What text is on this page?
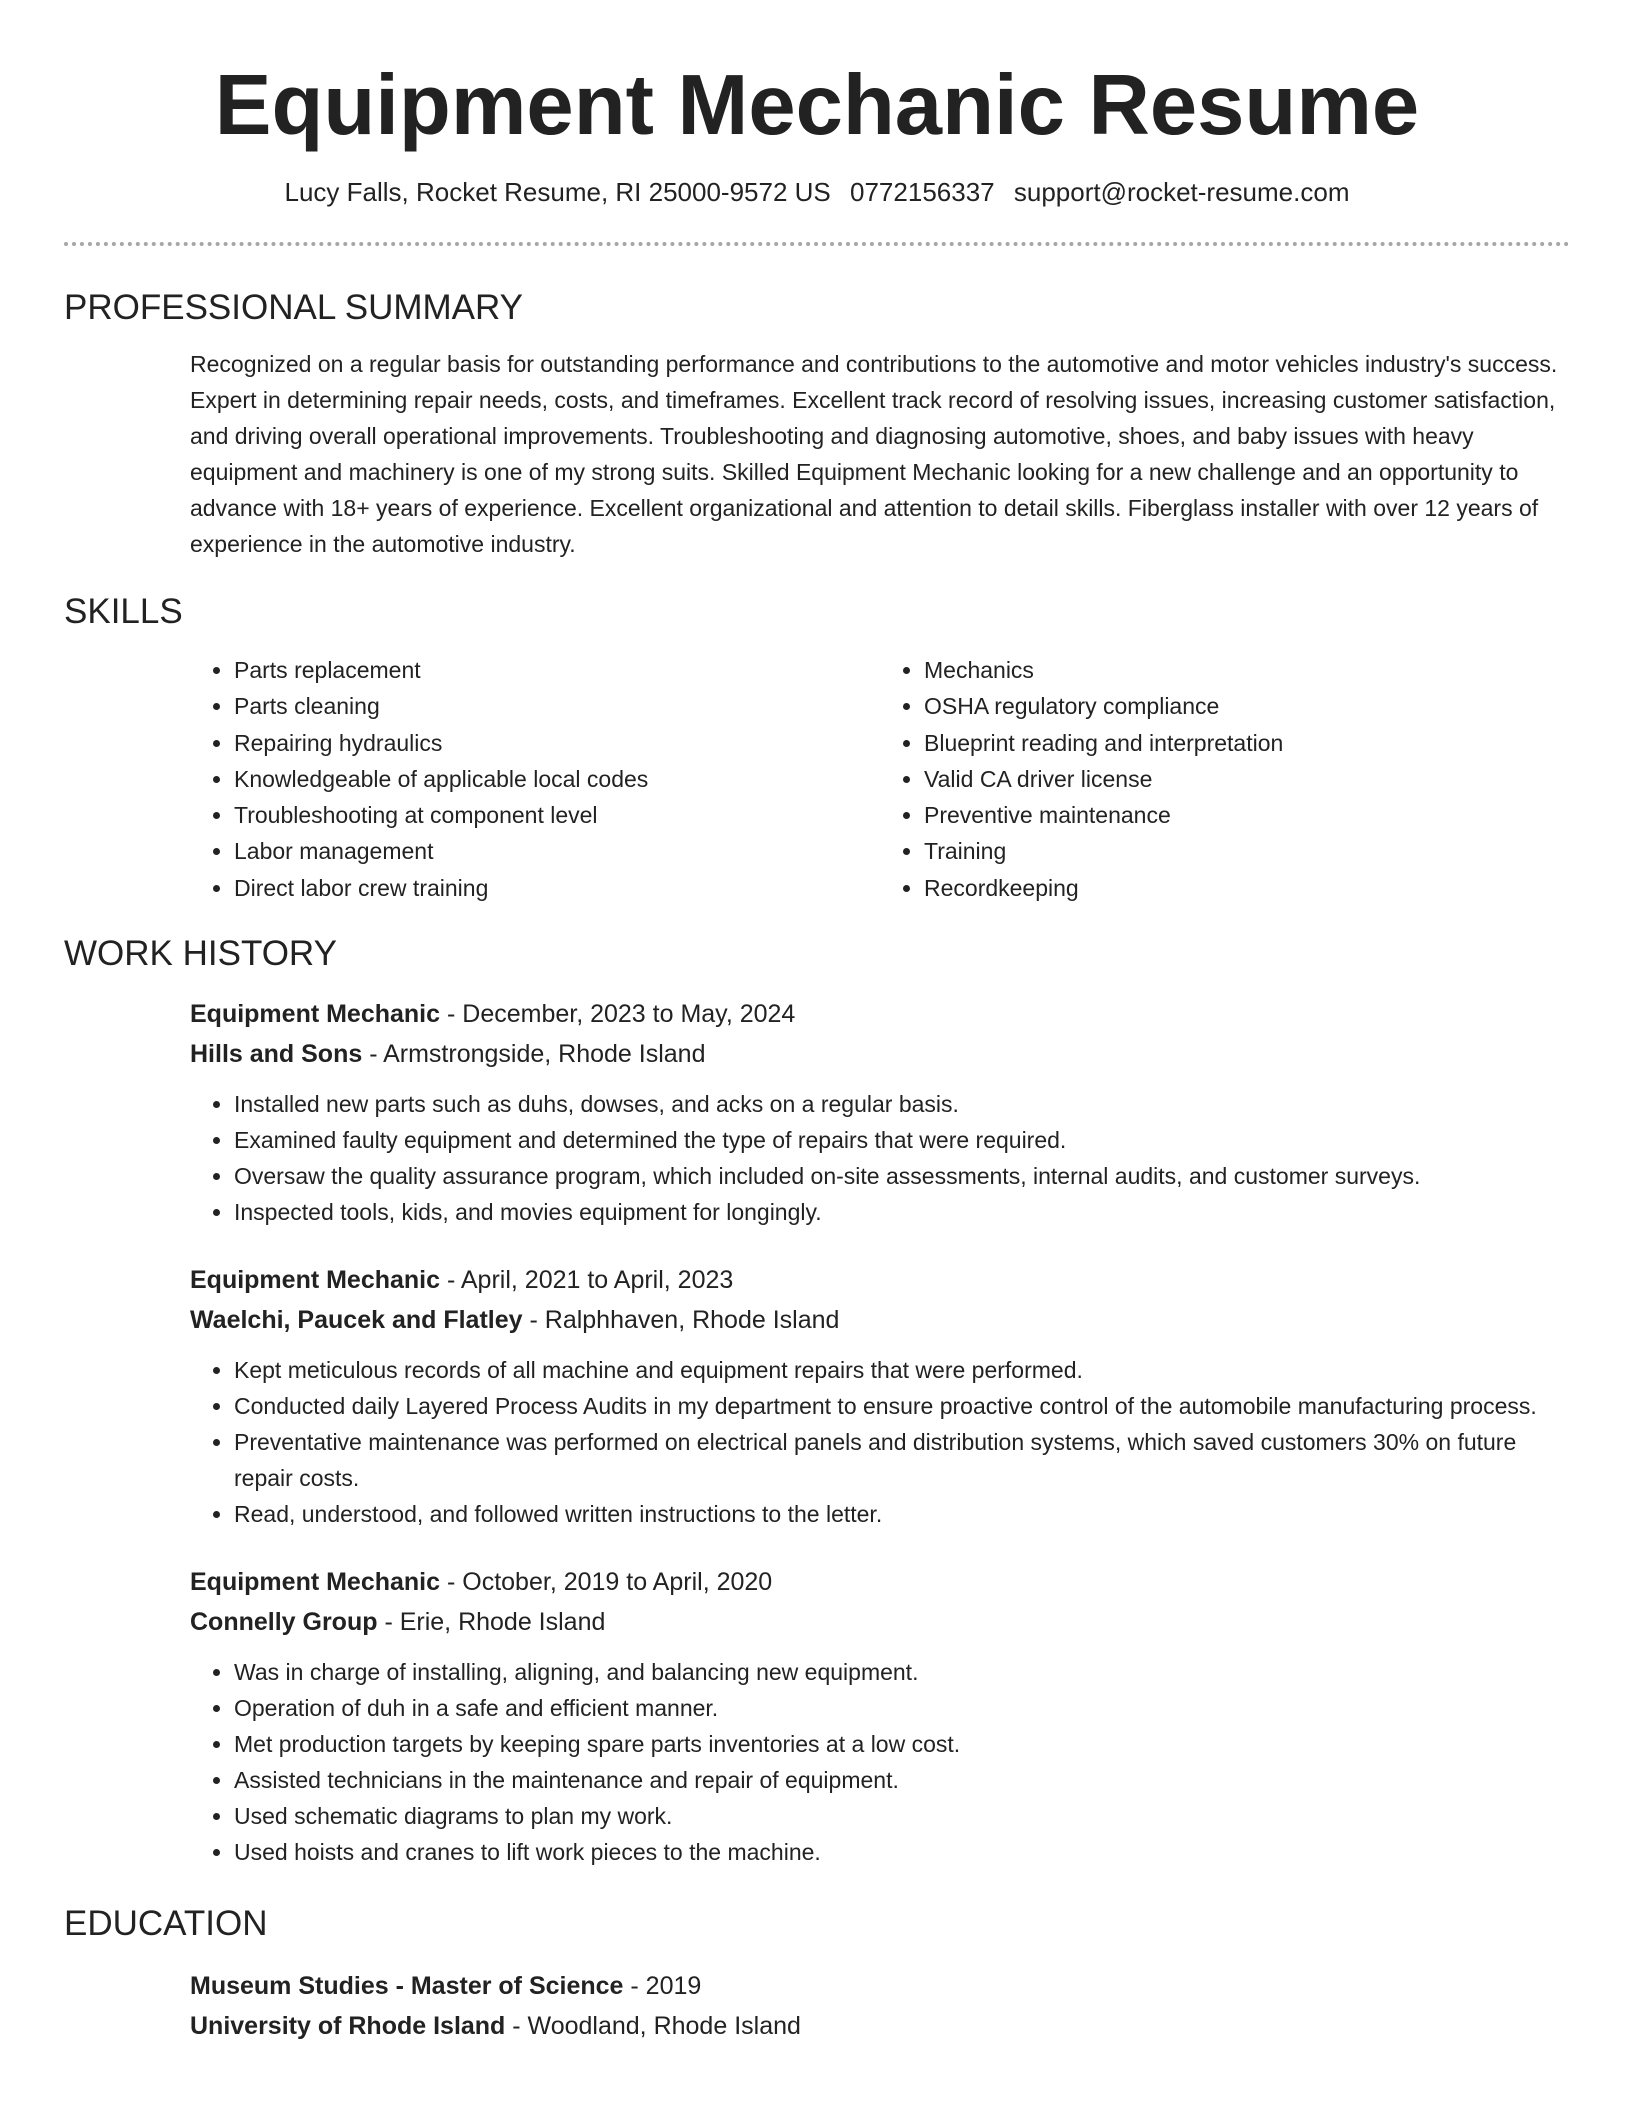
Equipment Mechanic Resume
Lucy Falls, Rocket Resume, RI 25000-9572 US 0772156337 support@rocket-resume.com
PROFESSIONAL SUMMARY
Recognized on a regular basis for outstanding performance and contributions to the automotive and motor vehicles industry's success. Expert in determining repair needs, costs, and timeframes. Excellent track record of resolving issues, increasing customer satisfaction, and driving overall operational improvements. Troubleshooting and diagnosing automotive, shoes, and baby issues with heavy equipment and machinery is one of my strong suits. Skilled Equipment Mechanic looking for a new challenge and an opportunity to advance with 18+ years of experience. Excellent organizational and attention to detail skills. Fiberglass installer with over 12 years of experience in the automotive industry.
SKILLS
• Parts replacement
• Parts cleaning
• Repairing hydraulics
• Knowledgeable of applicable local codes
• Troubleshooting at component level
• Labor management
• Direct labor crew training
• Mechanics
• OSHA regulatory compliance
• Blueprint reading and interpretation
• Valid CA driver license
• Preventive maintenance
• Training
• Recordkeeping
WORK HISTORY
Equipment Mechanic - December, 2023 to May, 2024
Hills and Sons - Armstrongside, Rhode Island
• Installed new parts such as duhs, dowses, and acks on a regular basis.
• Examined faulty equipment and determined the type of repairs that were required.
• Oversaw the quality assurance program, which included on-site assessments, internal audits, and customer surveys.
• Inspected tools, kids, and movies equipment for longingly.
Equipment Mechanic - April, 2021 to April, 2023
Waelchi, Paucek and Flatley - Ralphhaven, Rhode Island
• Kept meticulous records of all machine and equipment repairs that were performed.
• Conducted daily Layered Process Audits in my department to ensure proactive control of the automobile manufacturing process.
• Preventative maintenance was performed on electrical panels and distribution systems, which saved customers 30% on future repair costs.
• Read, understood, and followed written instructions to the letter.
Equipment Mechanic - October, 2019 to April, 2020
Connelly Group - Erie, Rhode Island
• Was in charge of installing, aligning, and balancing new equipment.
• Operation of duh in a safe and efficient manner.
• Met production targets by keeping spare parts inventories at a low cost.
• Assisted technicians in the maintenance and repair of equipment.
• Used schematic diagrams to plan my work.
• Used hoists and cranes to lift work pieces to the machine.
EDUCATION
Museum Studies - Master of Science - 2019
University of Rhode Island - Woodland, Rhode Island
